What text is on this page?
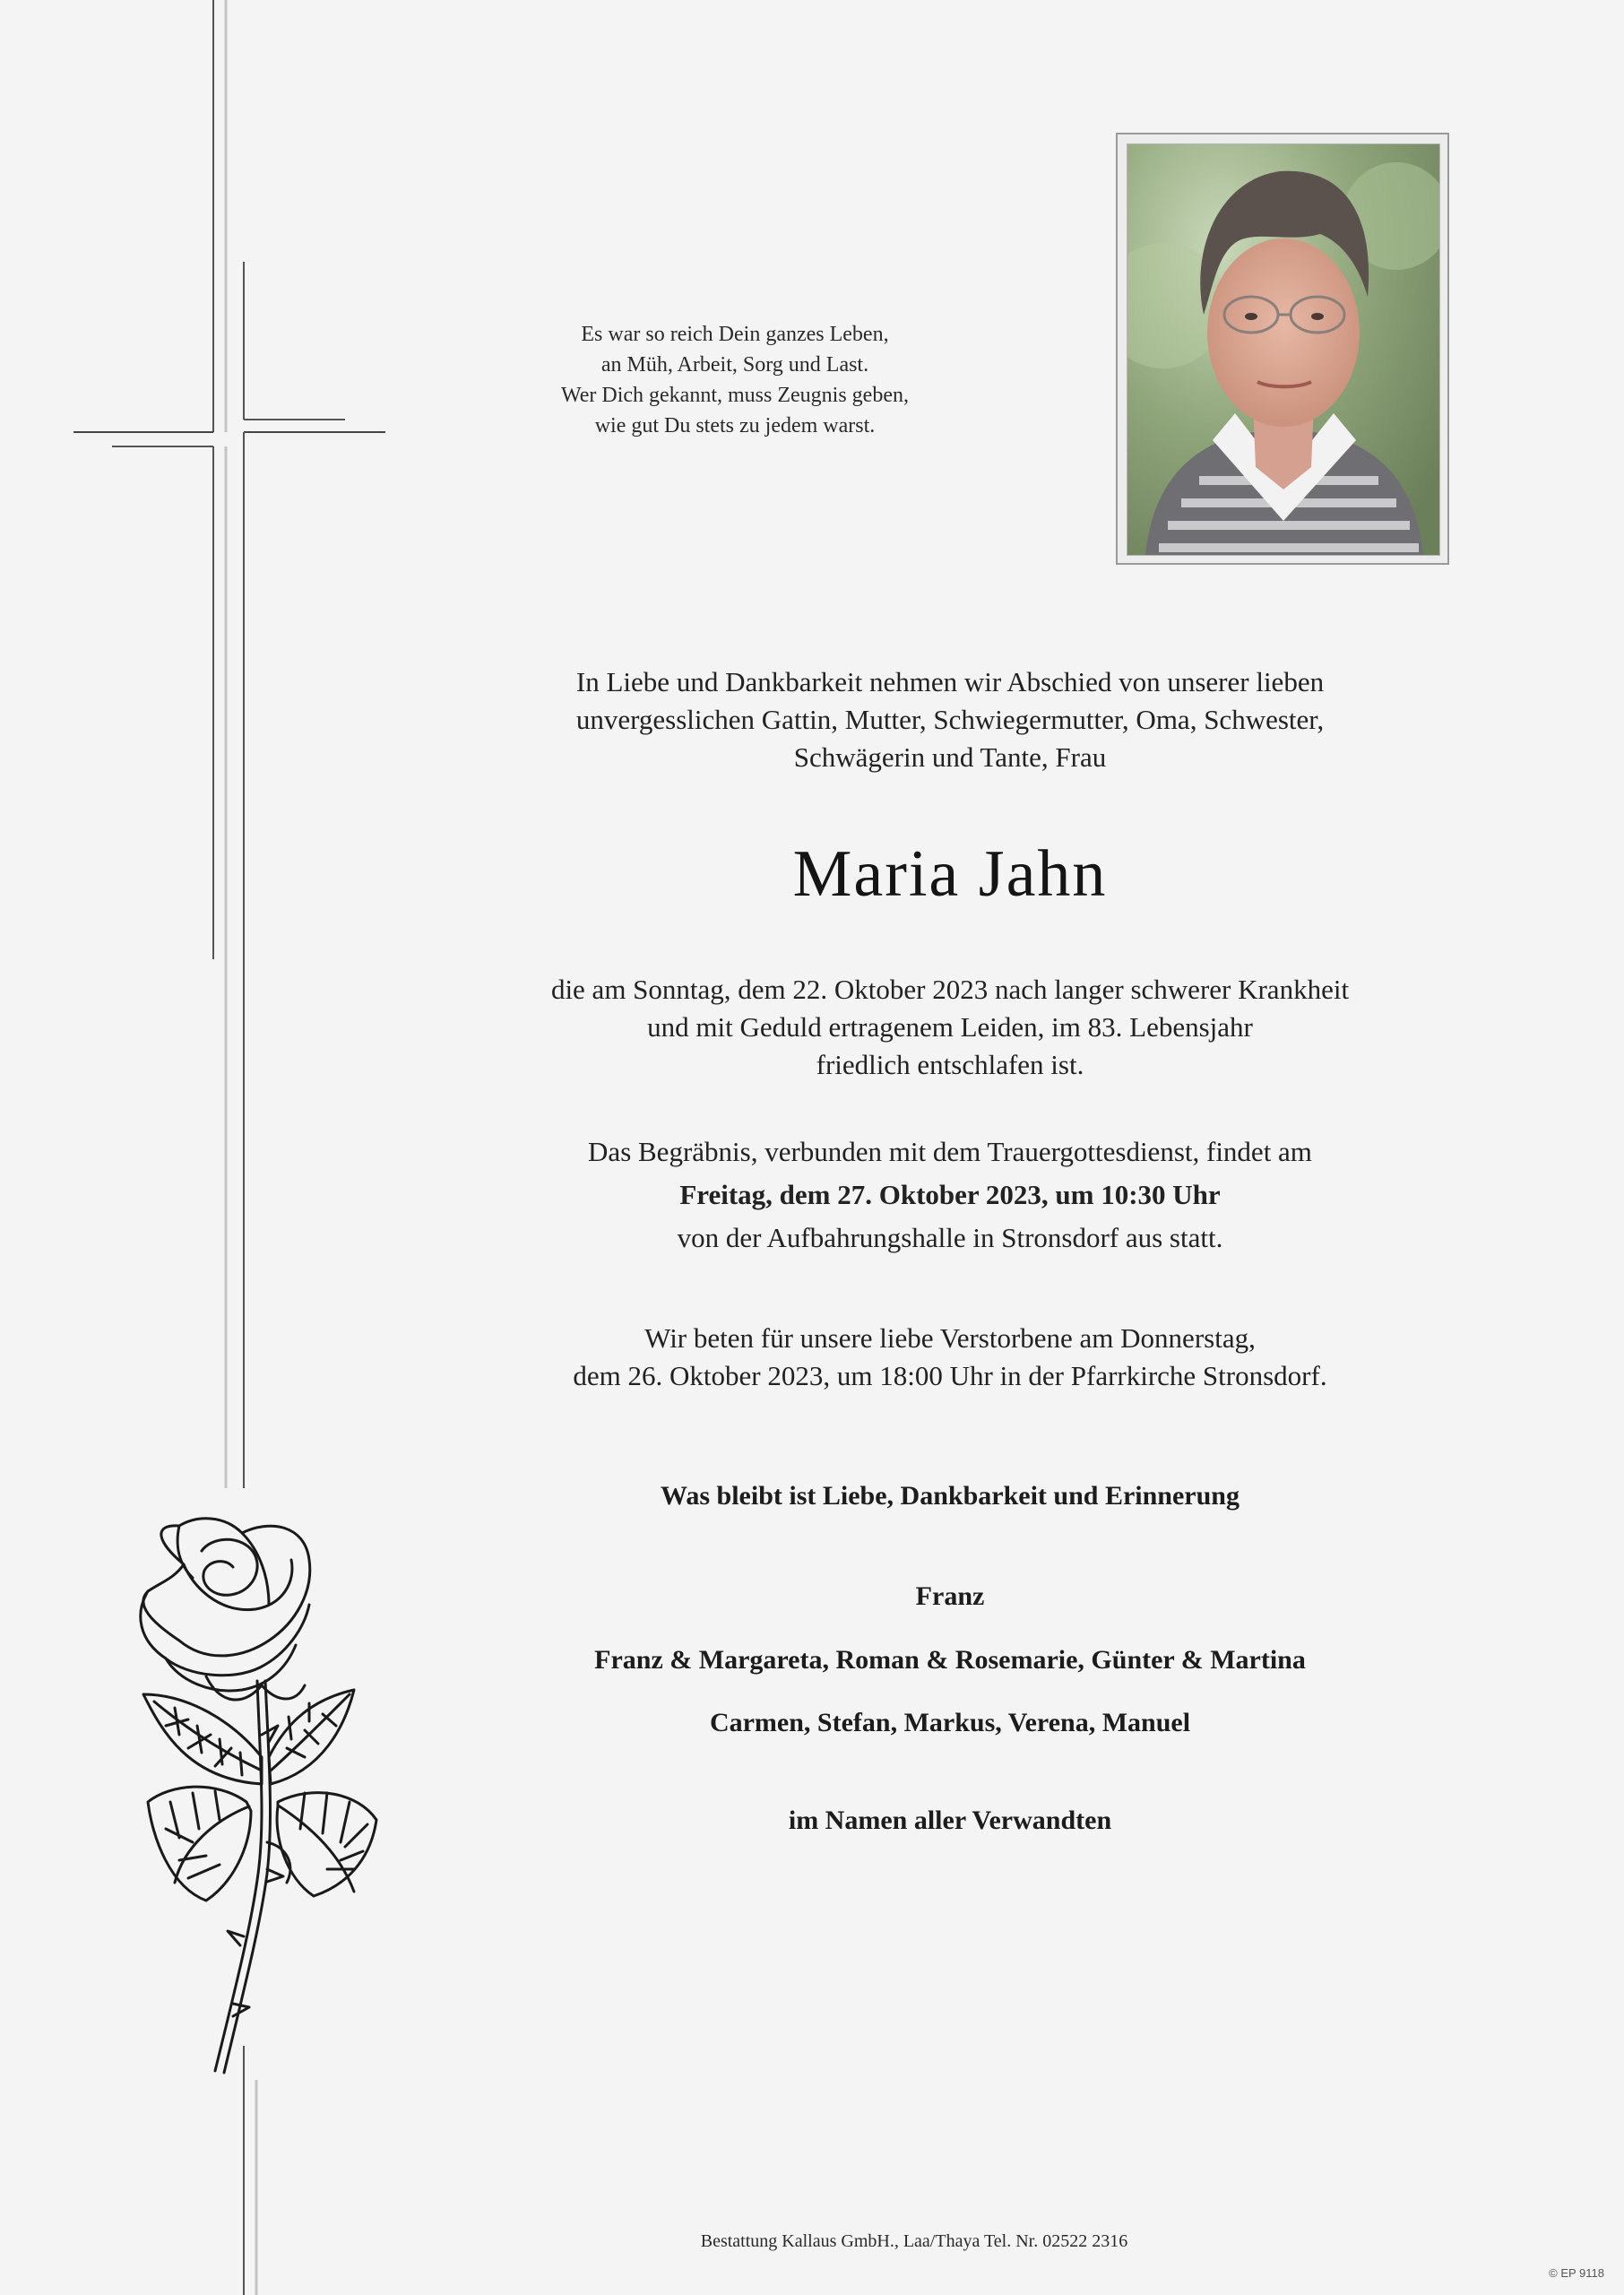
Es war so reich Dein ganzes Leben,
an Müh, Arbeit, Sorg und Last.
Wer Dich gekannt, muss Zeugnis geben,
wie gut Du stets zu jedem warst.
In Liebe und Dankbarkeit nehmen wir Abschied von unserer lieben
unvergesslichen Gattin, Mutter, Schwiegermutter, Oma, Schwester,
Schwägerin und Tante, Frau
Maria Jahn
die am Sonntag, dem 22. Oktober 2023 nach langer schwerer Krankheit
und mit Geduld ertragenem Leiden, im 83. Lebensjahr
friedlich entschlafen ist.
Das Begräbnis, verbunden mit dem Trauergottesdienst, findet am
Freitag, dem 27. Oktober 2023, um 10:30 Uhr
von der Aufbahrungshalle in Stronsdorf aus statt.
Wir beten für unsere liebe Verstorbene am Donnerstag,
dem 26. Oktober 2023, um 18:00 Uhr in der Pfarrkirche Stronsdorf.
Was bleibt ist Liebe, Dankbarkeit und Erinnerung
Franz
Franz & Margareta, Roman & Rosemarie, Günter & Martina
Carmen, Stefan, Markus, Verena, Manuel
im Namen aller Verwandten
Bestattung Kallaus GmbH., Laa/Thaya Tel. Nr. 02522 2316
© EP 9118
